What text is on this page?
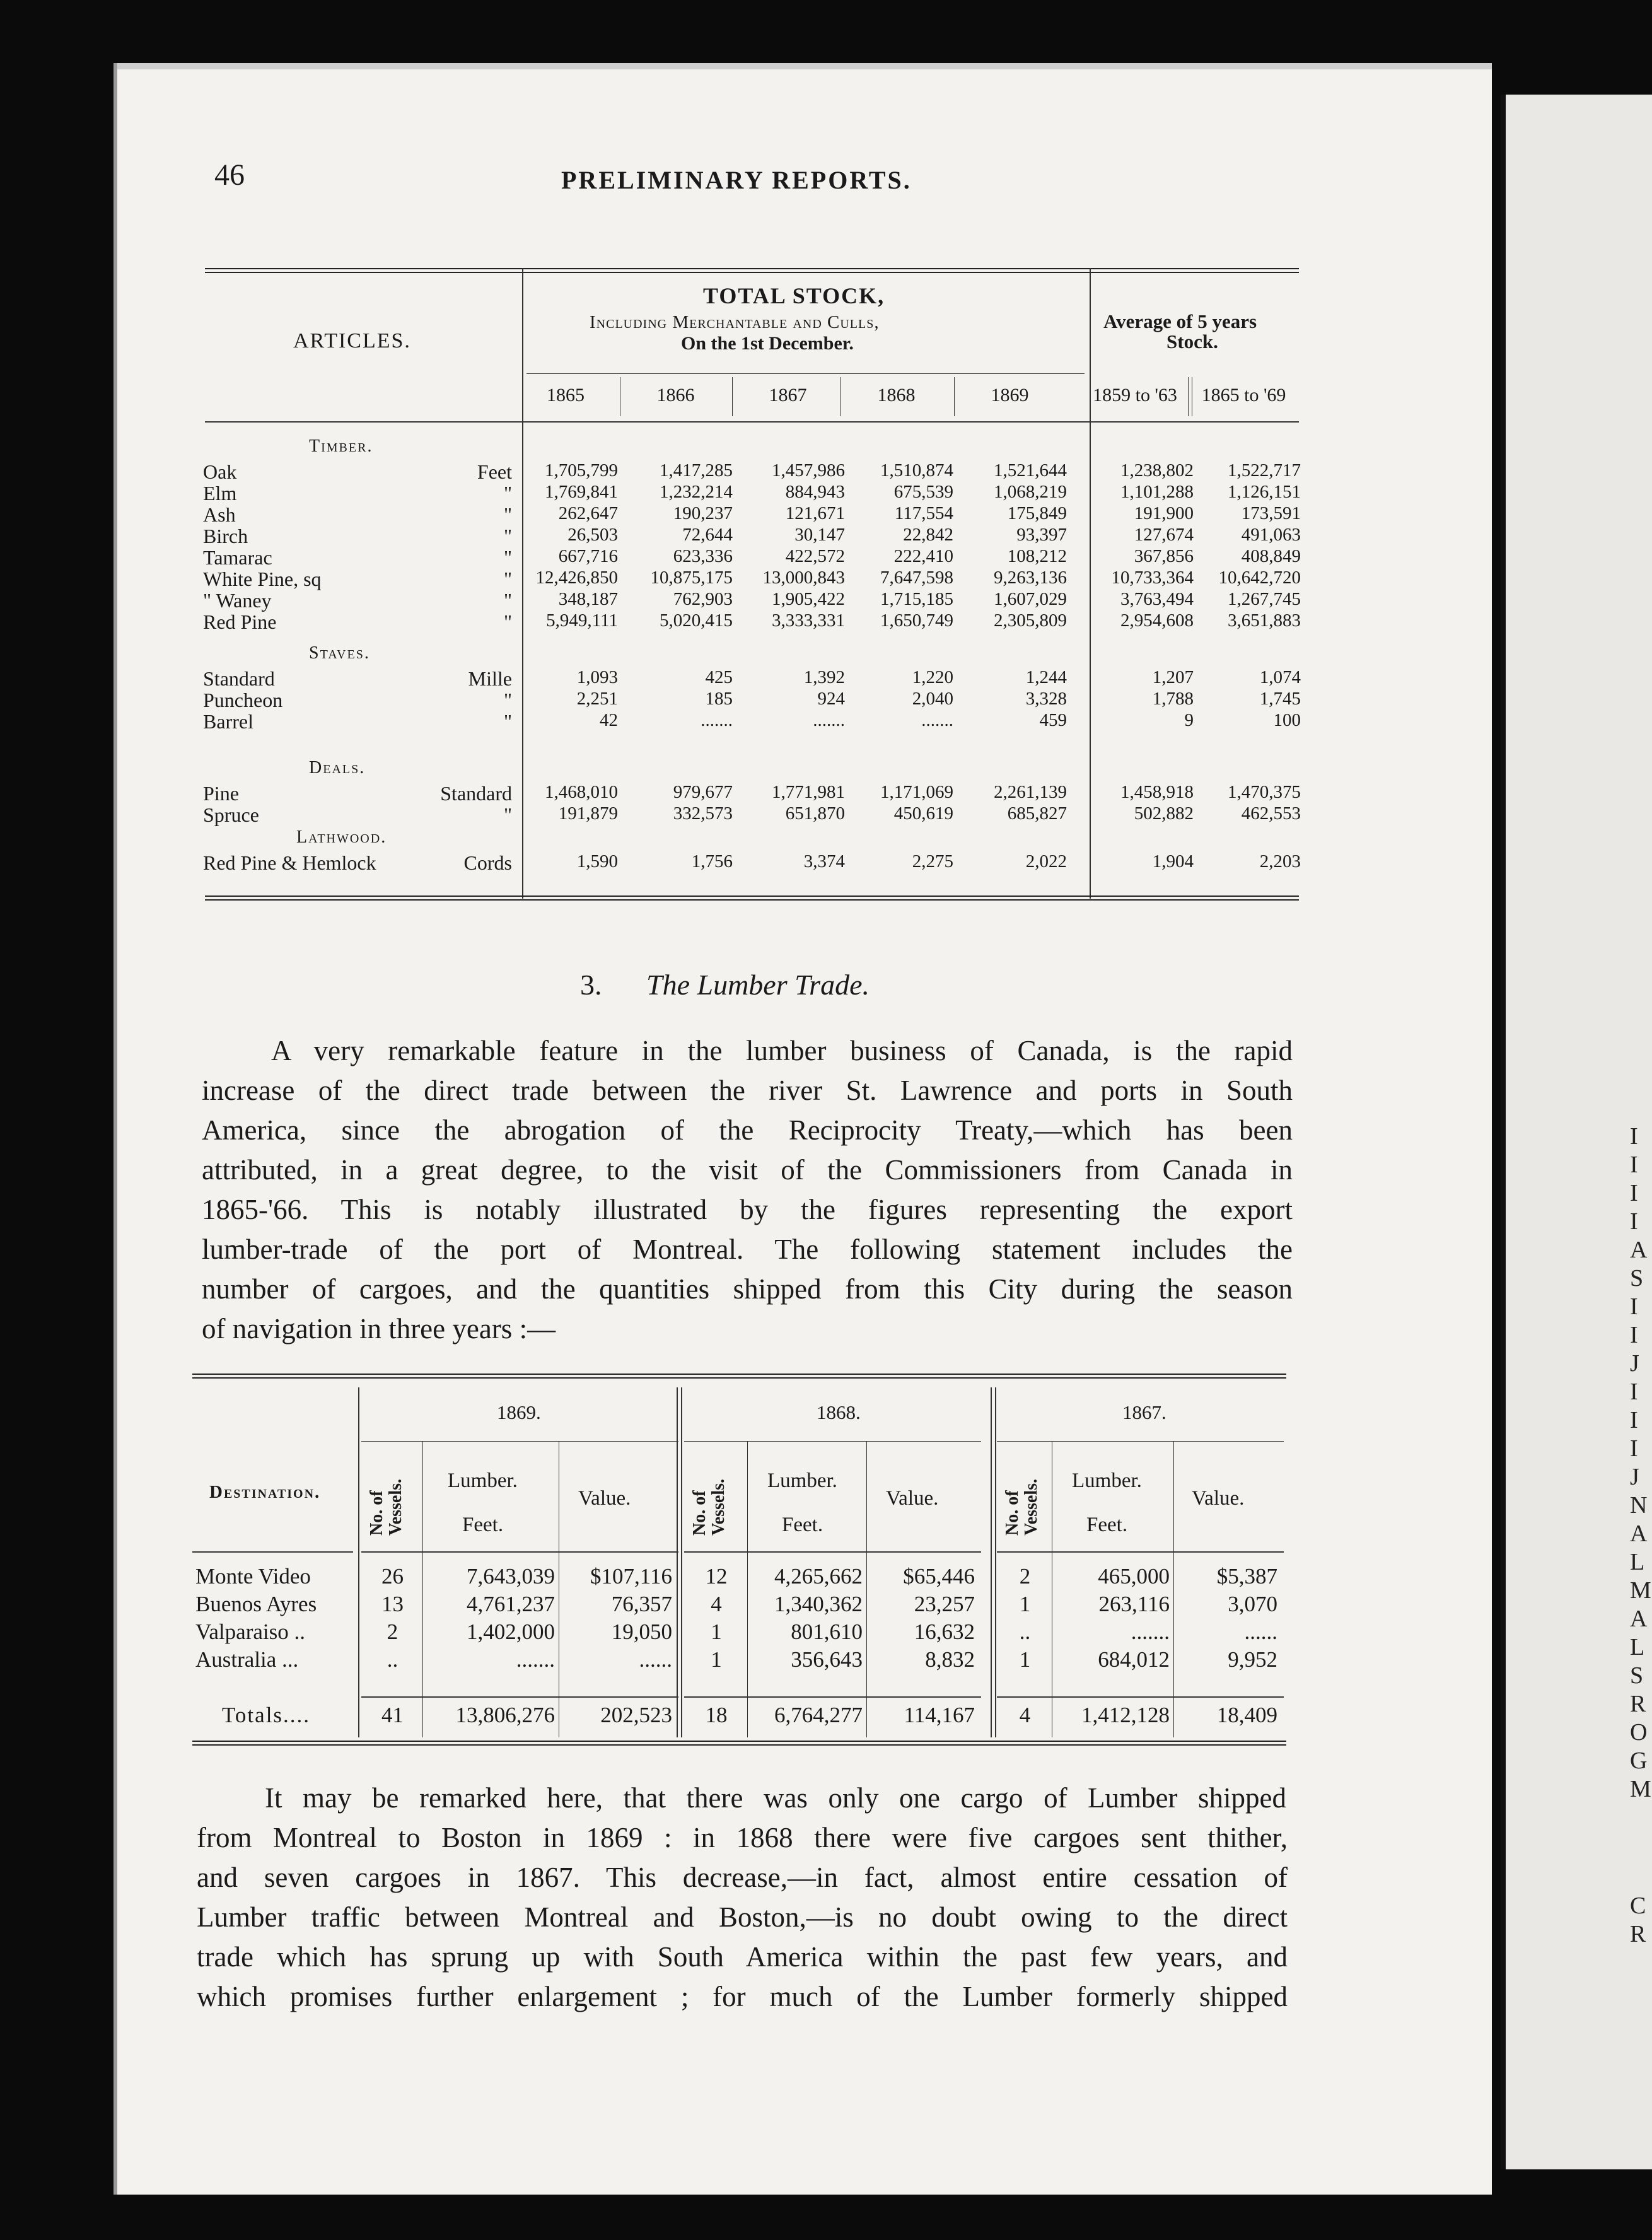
46	PRELIMINARY REPORTS.
ARTICLES.
TOTAL STOCK,
Including Merchantable and Culls,
On the 1st December.
Average of 5 years
Stock.
1865	1866	1867	1868	1869	1859 to '63	1865 to '69
Timber.
Oak	Feet	1,705,799	1,417,285	1,457,986	1,510,874	1,521,644	1,238,802	1,522,717
Elm	"	1,769,841	1,232,214	884,943	675,539	1,068,219	1,101,288	1,126,151
Ash	"	262,647	190,237	121,671	117,554	175,849	191,900	173,591
Birch	"	26,503	72,644	30,147	22,842	93,397	127,674	491,063
Tamarac	"	667,716	623,336	422,572	222,410	108,212	367,856	408,849
White Pine, sq	"	12,426,850	10,875,175	13,000,843	7,647,598	9,263,136	10,733,364	10,642,720
" Waney	"	348,187	762,903	1,905,422	1,715,185	1,607,029	3,763,494	1,267,745
Red Pine	"	5,949,111	5,020,415	3,333,331	1,650,749	2,305,809	2,954,608	3,651,883
Staves.
Standard	Mille	1,093	425	1,392	1,220	1,244	1,207	1,074
Puncheon	"	2,251	185	924	2,040	3,328	1,788	1,745
Barrel	"	42	.......	.......	.......	459	9	100
Deals.
Pine	Standard	1,468,010	979,677	1,771,981	1,171,069	2,261,139	1,458,918	1,470,375
Spruce	"	191,879	332,573	651,870	450,619	685,827	502,882	462,553
Lathwood.
Red Pine & Hemlock	Cords	1,590	1,756	3,374	2,275	2,022	1,904	2,203
3. The Lumber Trade.
A very remarkable feature in the lumber business of Canada, is the rapid
increase of the direct trade between the river St. Lawrence and ports in South
America, since the abrogation of the Reciprocity Treaty,—which has been
attributed, in a great degree, to the visit of the Commissioners from Canada in
1865-'66. This is notably illustrated by the figures representing the export
lumber-trade of the port of Montreal. The following statement includes the
number of cargoes, and the quantities shipped from this City during the season
of navigation in three years :—
1869.
No. of Vessels. Lumber.
Feet.
Value.
1868.
No. of Vessels. Lumber.
Feet.
Value.
1867.
No. of Vessels. Lumber.
Feet.
Value.
Destination.
Monte Video	26	7,643,039	$107,116	12	4,265,662	$65,446	2	465,000	$5,387
Buenos Ayres	13	4,761,237	76,357	4	1,340,362	23,257	1	263,116	3,070
Valparaiso ..	2	1,402,000	19,050	1	801,610	16,632	..	.......	......
Australia ...	..	.......	......	1	356,643	8,832	1	684,012	9,952
Totals....	41	13,806,276	202,523	18	6,764,277	114,167	4	1,412,128	18,409
It may be remarked here, that there was only one cargo of Lumber shipped
from Montreal to Boston in 1869 : in 1868 there were five cargoes sent thither,
and seven cargoes in 1867. This decrease,—in fact, almost entire cessation of
Lumber traffic between Montreal and Boston,—is no doubt owing to the direct
trade which has sprung up with South America within the past few years, and
which promises further enlargement ; for much of the Lumber formerly shipped
I
I
I
I
A
S
I
I
J
I
I
I
J
N
A
L
M
A
L
S
R
O
G
M
C
R
